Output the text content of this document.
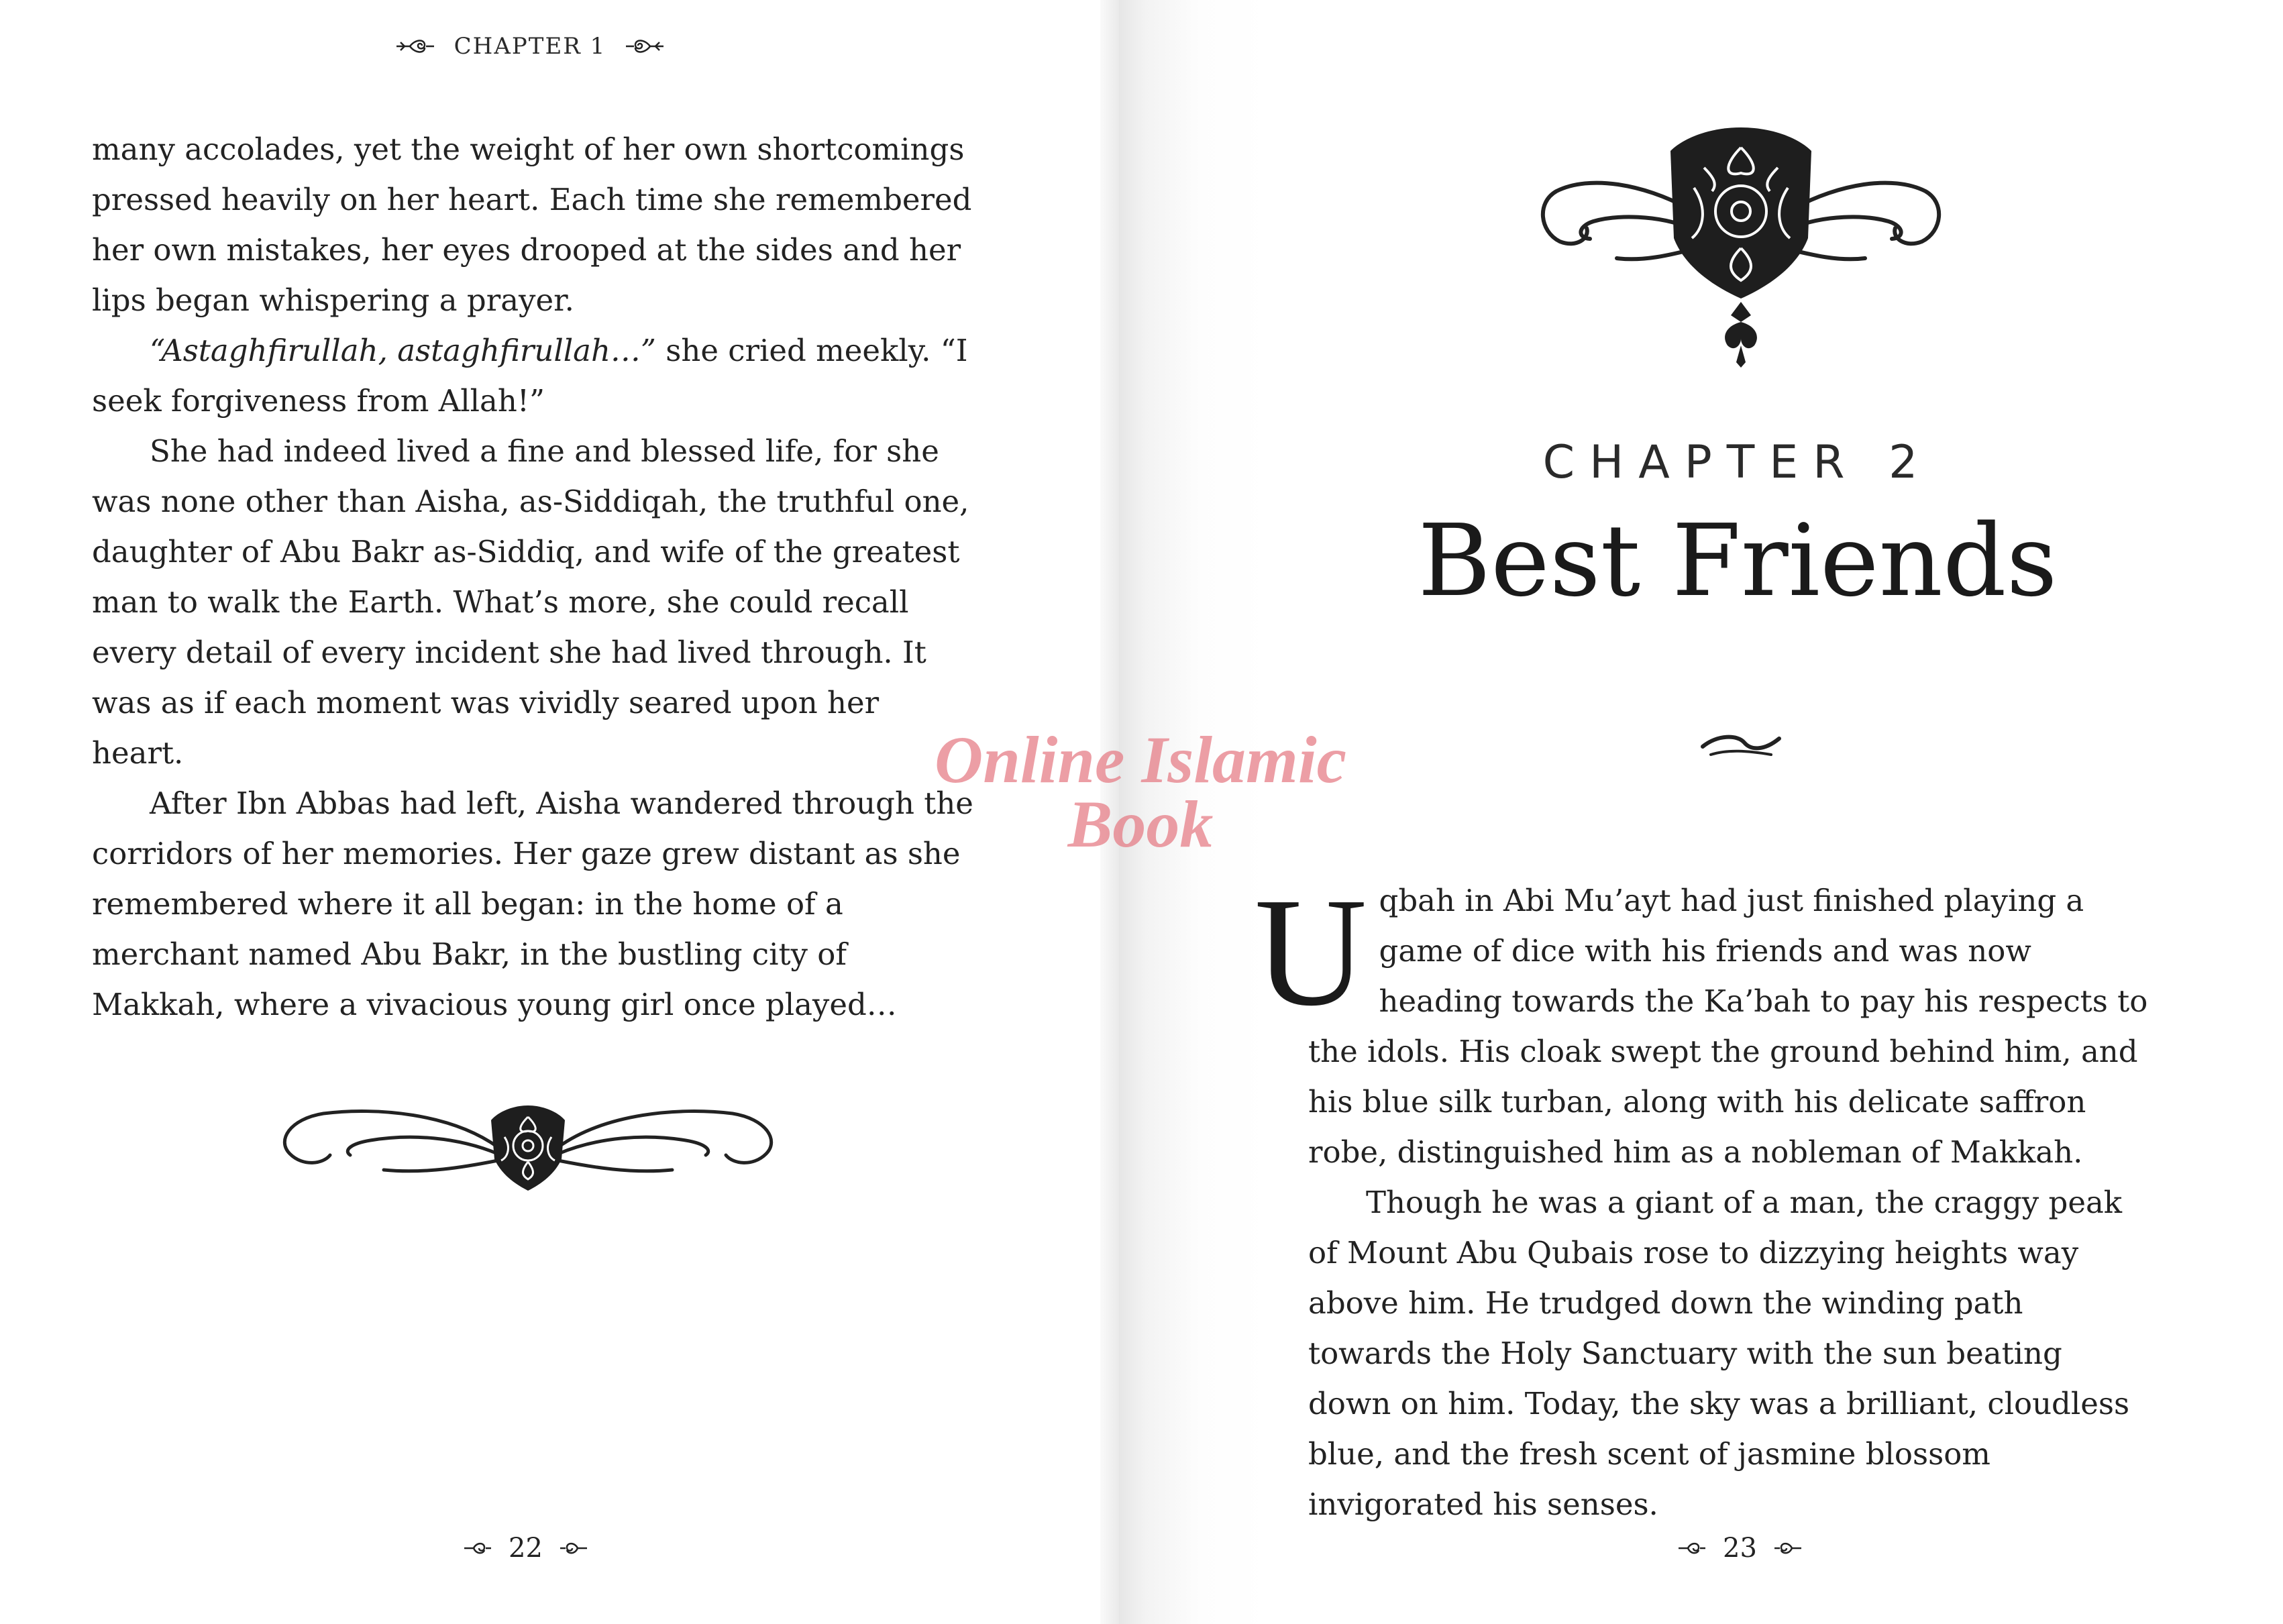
CHAPTER 1

many accolades, yet the weight of her own shortcomings pressed heavily on her heart. Each time she remembered her own mistakes, her eyes drooped at the sides and her lips began whispering a prayer.

“Astaghfirullah, astaghfirullah…” she cried meekly. “I seek forgiveness from Allah!”

She had indeed lived a fine and blessed life, for she was none other than Aisha, as-Siddiqah, the truthful one, daughter of Abu Bakr as-Siddiq, and wife of the greatest man to walk the Earth. What’s more, she could recall every detail of every incident she had lived through. It was as if each moment was vividly seared upon her heart.

After Ibn Abbas had left, Aisha wandered through the corridors of her memories. Her gaze grew distant as she remembered where it all began: in the home of a merchant named Abu Bakr, in the bustling city of Makkah, where a vivacious young girl once played…

22
CHAPTER 2
Best Friends

Uqbah in Abi Mu’ayt had just finished playing a game of dice with his friends and was now heading towards the Ka’bah to pay his respects to the idols. His cloak swept the ground behind him, and his blue silk turban, along with his delicate saffron robe, distinguished him as a nobleman of Makkah.

Though he was a giant of a man, the craggy peak of Mount Abu Qubais rose to dizzying heights way above him. He trudged down the winding path towards the Holy Sanctuary with the sun beating down on him. Today, the sky was a brilliant, cloudless blue, and the fresh scent of jasmine blossom invigorated his senses.

23
Online Islamic
Book
